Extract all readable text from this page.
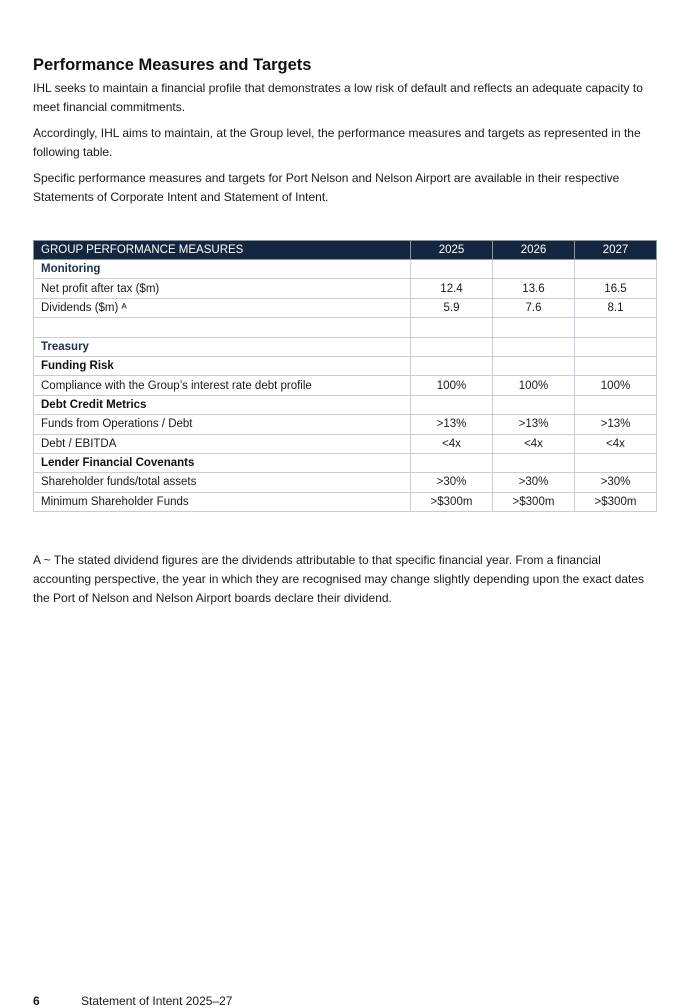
Performance Measures and Targets

IHL seeks to maintain a financial profile that demonstrates a low risk of default and reflects an adequate capacity to meet financial commitments.

Accordingly, IHL aims to maintain, at the Group level, the performance measures and targets as represented in the following table.

Specific performance measures and targets for Port Nelson and Nelson Airport are available in their respective Statements of Corporate Intent and Statement of Intent.

GROUP PERFORMANCE MEASURES	2025	2026	2027
Monitoring			
Net profit after tax ($m)	12.4	13.6	16.5
Dividends ($m) ᴬ	5.9	7.6	8.1

Treasury			
Funding Risk			
Compliance with the Group’s interest rate debt profile	100%	100%	100%
Debt Credit Metrics			
Funds from Operations / Debt	>13%	>13%	>13%
Debt / EBITDA	<4x	<4x	<4x
Lender Financial Covenants			
Shareholder funds/total assets	>30%	>30%	>30%
Minimum Shareholder Funds	>$300m	>$300m	>$300m

A ~ The stated dividend figures are the dividends attributable to that specific financial year. From a financial accounting perspective, the year in which they are recognised may change slightly depending upon the exact dates the Port of Nelson and Nelson Airport boards declare their dividend.

6	Statement of Intent 2025–27
